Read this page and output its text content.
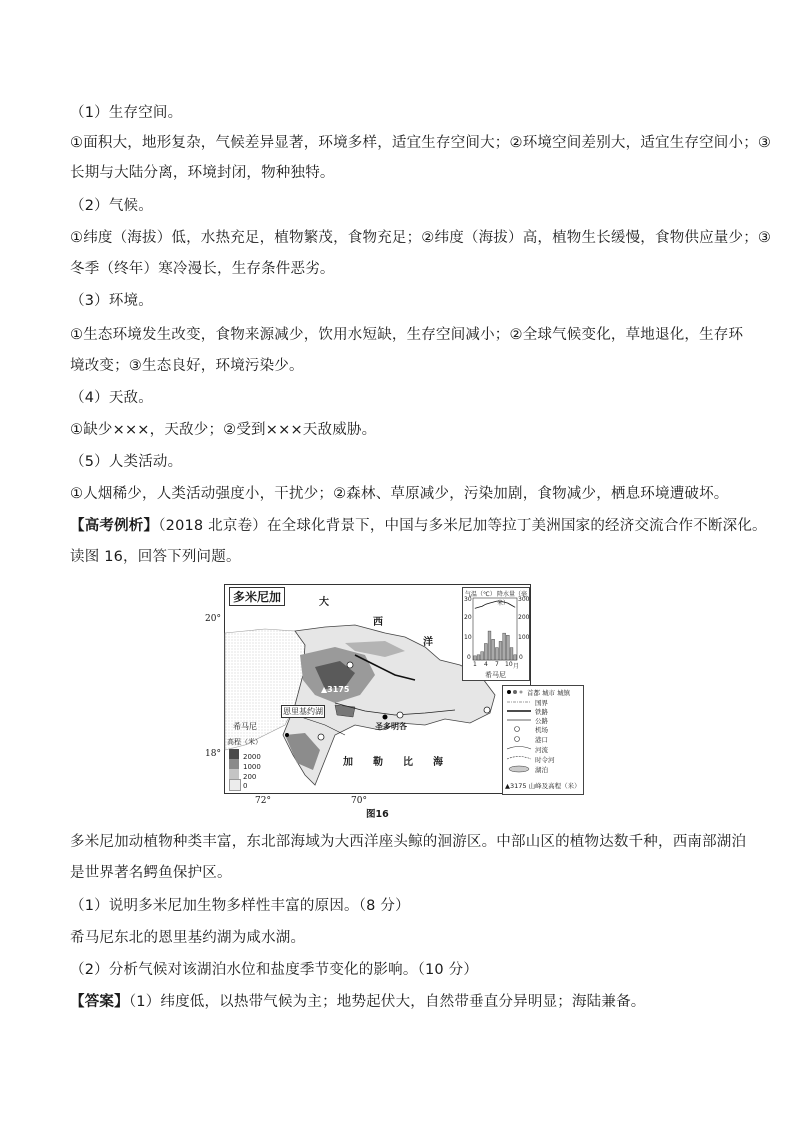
（1）生存空间。
①面积大，地形复杂，气候差异显著，环境多样，适宜生存空间大；②环境空间差别大，适宜生存空间小；③
长期与大陆分离，环境封闭，物种独特。
（2）气候。
①纬度（海拔）低，水热充足，植物繁茂，食物充足；②纬度（海拔）高，植物生长缓慢，食物供应量少；③
冬季（终年）寒冷漫长，生存条件恶劣。
（3）环境。
①生态环境发生改变，食物来源减少，饮用水短缺，生存空间减小；②全球气候变化，草地退化，生存环
境改变；③生态良好，环境污染少。
（4）天敌。
①缺少×××，天敌少；②受到×××天敌威胁。
（5）人类活动。
①人烟稀少，人类活动强度小，干扰少；②森林、草原减少，污染加剧，食物减少，栖息环境遭破坏。
【高考例析】（2018 北京卷）在全球化背景下，中国与多米尼加等拉丁美洲国家的经济交流合作不断深化。
读图 16，回答下列问题。
20°
18°
72°	70°
多米尼加	大
西
洋
加 勒 比 海
▲3175
恩里基约湖
圣多明各
希马尼
高程（米）
2000
1000
200
0
气温（℃） 降水量（毫米）
希马尼
30
20
10
0
300
200
100
0
1 4 7 10 月
首都 城市 城镇
国界
铁路
公路
机场
港口
河流
时令河
湖泊
▲3175 山峰及高程（米）
图16
多米尼加动植物种类丰富，东北部海域为大西洋座头鲸的洄游区。中部山区的植物达数千种，西南部湖泊
是世界著名鳄鱼保护区。
（1）说明多米尼加生物多样性丰富的原因。（8 分）
希马尼东北的恩里基约湖为咸水湖。
（2）分析气候对该湖泊水位和盐度季节变化的影响。（10 分）
【答案】（1）纬度低，以热带气候为主；地势起伏大，自然带垂直分异明显；海陆兼备。
